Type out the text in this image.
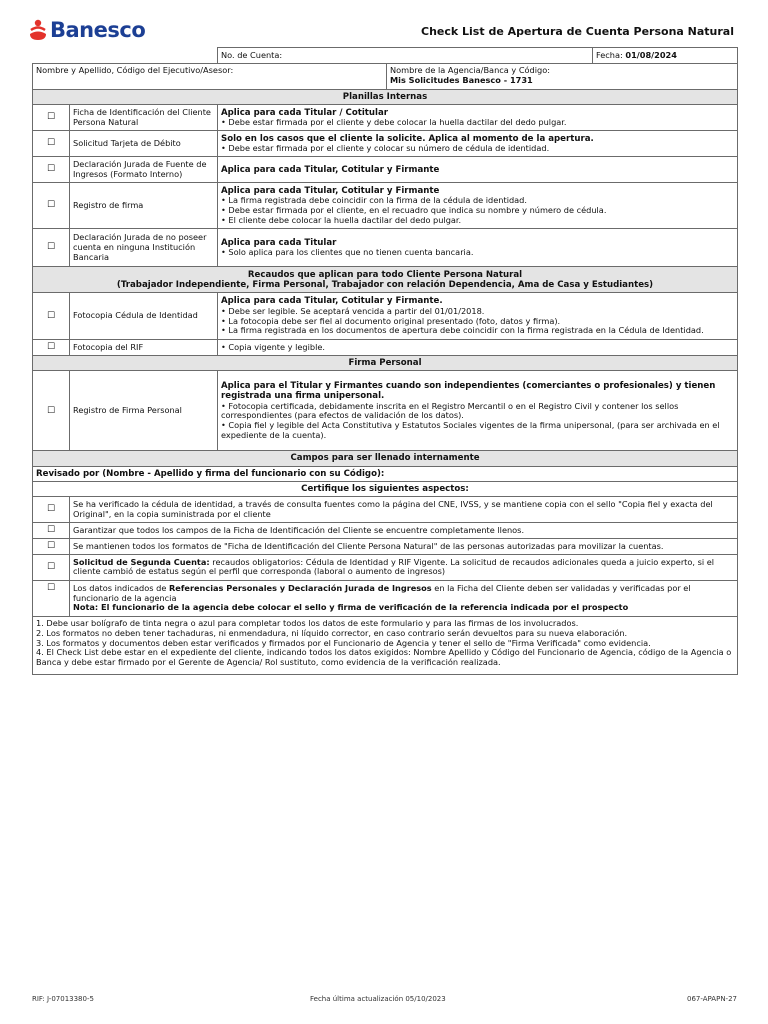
Banesco	Check List de Apertura de Cuenta Persona Natural
		No. de Cuenta:		Fecha: 01/08/2024
Nombre y Apellido, Código del Ejecutivo/Asesor:			Nombre de la Agencia/Banca y Código:
Mis Solicitudes Banesco - 1731	

Planillas Internas				
☐	Ficha de Identificación del Cliente Persona Natural	Aplica para cada Titular / Cotitular
• Debe estar firmada por el cliente y debe colocar la huella dactilar del dedo pulgar.		

☐	Solicitud Tarjeta de Débito	Solo en los casos que el cliente la solicite. Aplica al momento de la apertura.
• Debe estar firmada por el cliente y colocar su número de cédula de identidad.		

☐	Declaración Jurada de Fuente de Ingresos (Formato Interno)	Aplica para cada Titular, Cotitular y Firmante		

☐	Registro de firma	Aplica para cada Titular, Cotitular y Firmante
• La firma registrada debe coincidir con la firma de la cédula de identidad.
• Debe estar firmada por el cliente, en el recuadro que indica su nombre y número de cédula.
• El cliente debe colocar la huella dactilar del dedo pulgar.		

☐	Declaración Jurada de no poseer cuenta en ninguna Institución Bancaria	Aplica para cada Titular
• Solo aplica para los clientes que no tienen cuenta bancaria.		

Recaudos que aplican para todo Cliente Persona Natural
(Trabajador Independiente, Firma Personal, Trabajador con relación Dependencia, Ama de Casa y Estudiantes)				

☐	Fotocopia Cédula de Identidad	Aplica para cada Titular, Cotitular y Firmante.
• Debe ser legible. Se aceptará vencida a partir del 01/01/2018.
• La fotocopia debe ser fiel al documento original presentado (foto, datos y firma).
• La firma registrada en los documentos de apertura debe coincidir con la firma registrada en la Cédula de Identidad.		

☐	Fotocopia del RIF	• Copia vigente y legible.		

Firma Personal				
☐	Registro de Firma Personal	Aplica para el Titular y Firmantes cuando son independientes (comerciantes o profesionales) y tienen registrada una firma unipersonal.
• Fotocopia certificada, debidamente inscrita en el Registro Mercantil o en el Registro Civil y contener los sellos correspondientes (para efectos de validación de los datos).
• Copia fiel y legible del Acta Constitutiva y Estatutos Sociales vigentes de la firma unipersonal, (para ser archivada en el expediente de la cuenta).		

Campos para ser llenado internamente				
Revisado por (Nombre - Apellido y firma del funcionario con su Código):				
Certifique los siguientes aspectos:				
☐	Se ha verificado la cédula de identidad, a través de consulta fuentes como la página del CNE, IVSS, y se mantiene copia con el sello "Copia fiel y exacta del Original", en la copia suministrada por el cliente			
☐	Garantizar que todos los campos de la Ficha de Identificación del Cliente se encuentre completamente llenos.			
☐	Se mantienen todos los formatos de "Ficha de Identificación del Cliente Persona Natural" de las personas autorizadas para movilizar la cuentas.			
☐	Solicitud de Segunda Cuenta: recaudos obligatorios: Cédula de Identidad y RIF Vigente. La solicitud de recaudos adicionales queda a juicio experto, si el cliente cambió de estatus según el perfil que corresponda (laboral o aumento de ingresos)			
☐	Los datos indicados de Referencias Personales y Declaración Jurada de Ingresos en la Ficha del Cliente deben ser validadas y verificadas por el funcionario de la agencia
Nota: El funcionario de la agencia debe colocar el sello y firma de verificación de la referencia indicada por el prospecto			

1. Debe usar bolígrafo de tinta negra o azul para completar todos los datos de este formulario y para las firmas de los involucrados.
2. Los formatos no deben tener tachaduras, ni enmendadura, ni líquido corrector, en caso contrario serán devueltos para su nueva elaboración.
3. Los formatos y documentos deben estar verificados y firmados por el Funcionario de Agencia y tener el sello de "Firma Verificada" como evidencia.
4. El Check List debe estar en el expediente del cliente, indicando todos los datos exigidos: Nombre Apellido y Código del Funcionario de Agencia, código de la Agencia o Banca y debe estar firmado por el Gerente de Agencia/ Rol sustituto, como evidencia de la verificación realizada.				
RIF: J-07013380-5	Fecha última actualización 05/10/2023	067-APAPN-27
